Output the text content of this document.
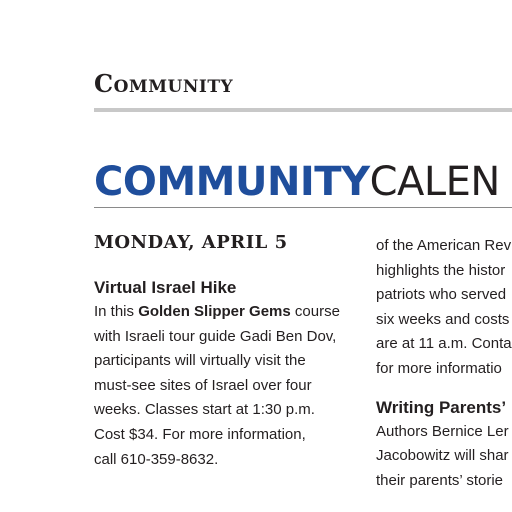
Community
COMMUNITYCALEN
MONDAY, APRIL 5
Virtual Israel Hike
In this Golden Slipper Gems course
with Israeli tour guide Gadi Ben Dov,
participants will virtually visit the
must-see sites of Israel over four
weeks. Classes start at 1:30 p.m.
Cost $34. For more information,
call 610-359-8632.
of the American Rev
highlights the histor
patriots who served
six weeks and costs
are at 11 a.m. Conta
for more informatio
Writing Parents’
Authors Bernice Ler
Jacobowitz will shar
their parents’ storie
